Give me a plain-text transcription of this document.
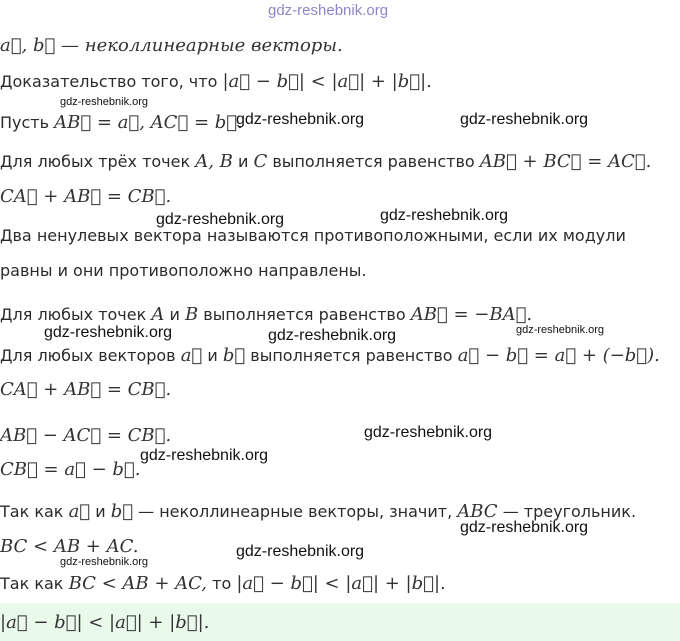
gdz-reshebnik.org
a⃗, b⃗ — неколлинеарные векторы.
Доказательство того, что |a⃗ − b⃗| < |a⃗| + |b⃗|.
Пусть AB⃗ = a⃗, AC⃗ = b⃗.
Для любых трёх точек A, B и C выполняется равенство AB⃗ + BC⃗ = AC⃗.
CA⃗ + AB⃗ = CB⃗.
Два ненулевых вектора называются противоположными, если их модули
равны и они противоположно направлены.
Для любых точек A и B выполняется равенство AB⃗ = −BA⃗.
Для любых векторов a⃗ и b⃗ выполняется равенство a⃗ − b⃗ = a⃗ + (−b⃗).
CA⃗ + AB⃗ = CB⃗.
AB⃗ − AC⃗ = CB⃗.
CB⃗ = a⃗ − b⃗.
Так как a⃗ и b⃗ — неколлинеарные векторы, значит, ABC — треугольник.
BC < AB + AC.
Так как BC < AB + AC, то |a⃗ − b⃗| < |a⃗| + |b⃗|.
|a⃗ − b⃗| < |a⃗| + |b⃗|.
gdz-reshebnik.org
gdz-reshebnik.org	gdz-reshebnik.org
gdz-reshebnik.org	gdz-reshebnik.org
gdz-reshebnik.org	gdz-reshebnik.org	gdz-reshebnik.org
gdz-reshebnik.org
gdz-reshebnik.org
gdz-reshebnik.org
gdz-reshebnik.org
gdz-reshebnik.org
